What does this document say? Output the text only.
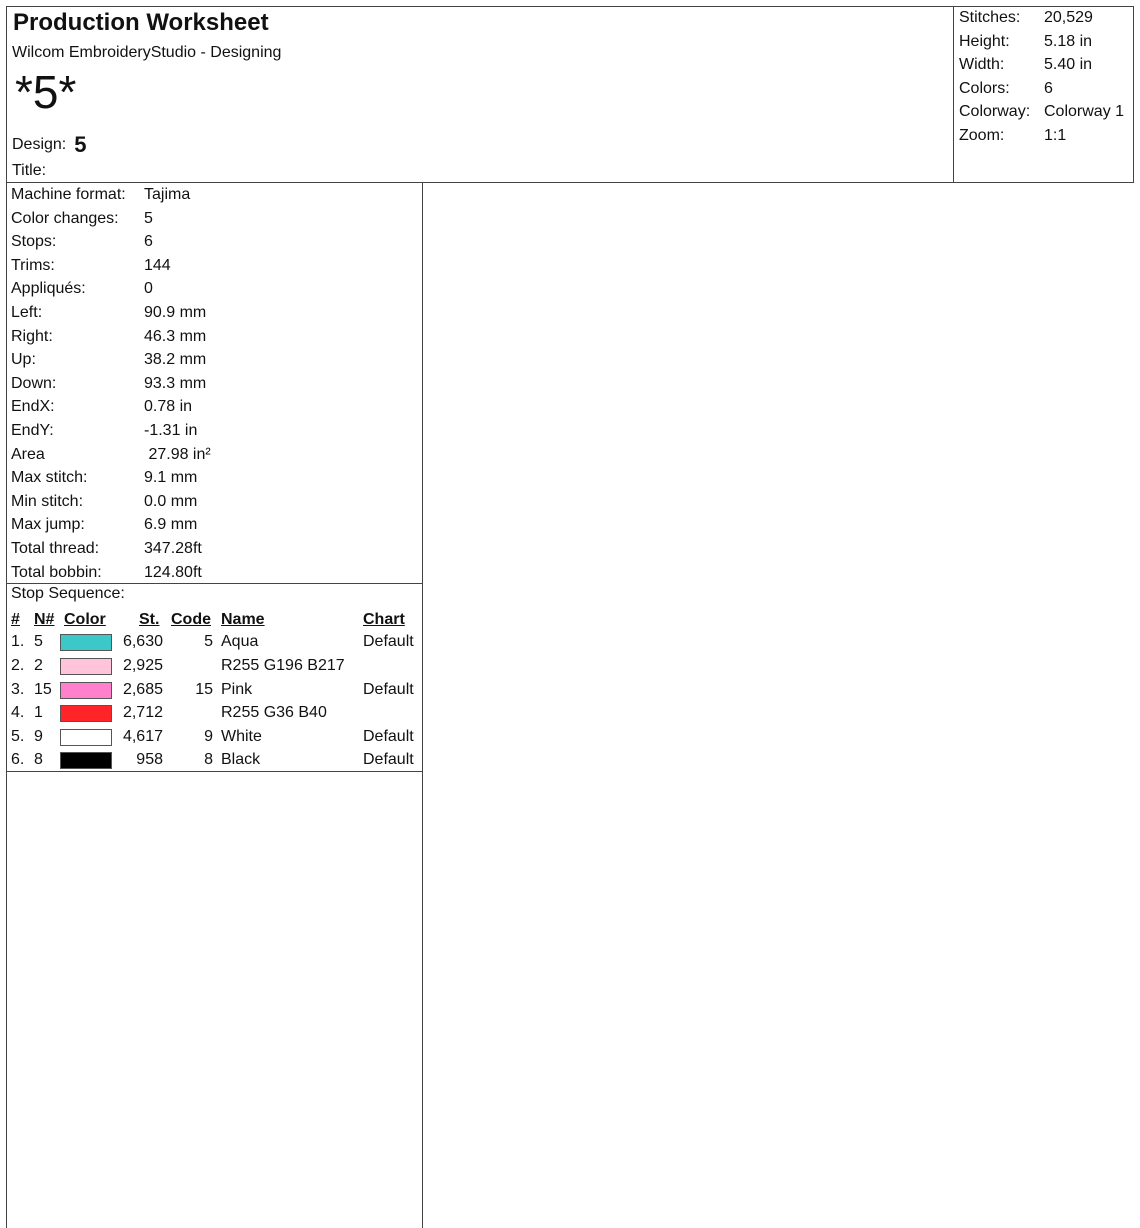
Production Worksheet
Wilcom EmbroideryStudio - Designing
*5*
Design: 5
Title:
Stitches: 20,529
Height: 5.18 in
Width: 5.40 in
Colors: 6
Colorway: Colorway 1
Zoom: 1:1
Machine format: Tajima
Color changes: 5
Stops:	6
Trims:	144
Appliqués:	0
Left:	90.9 mm
Right:	46.3 mm
Up:	38.2 mm
Down:	93.3 mm
EndX:	0.78 in
EndY:	-1.31 in
Area	27.98 in²
Max stitch:	9.1 mm
Min stitch:	0.0 mm
Max jump:	6.9 mm
Total thread:	347.28ft
Total bobbin:	124.80ft
Stop Sequence:
# N# Color St. Code Name	Chart
1. 5	6,630	5 Aqua	Default
2. 2	2,925	R255 G196 B217
3. 15	2,685 15 Pink	Default
4. 1	2,712	R255 G36 B40
5. 9	4,617	9 White	Default
6. 8	958	8 Black	Default
